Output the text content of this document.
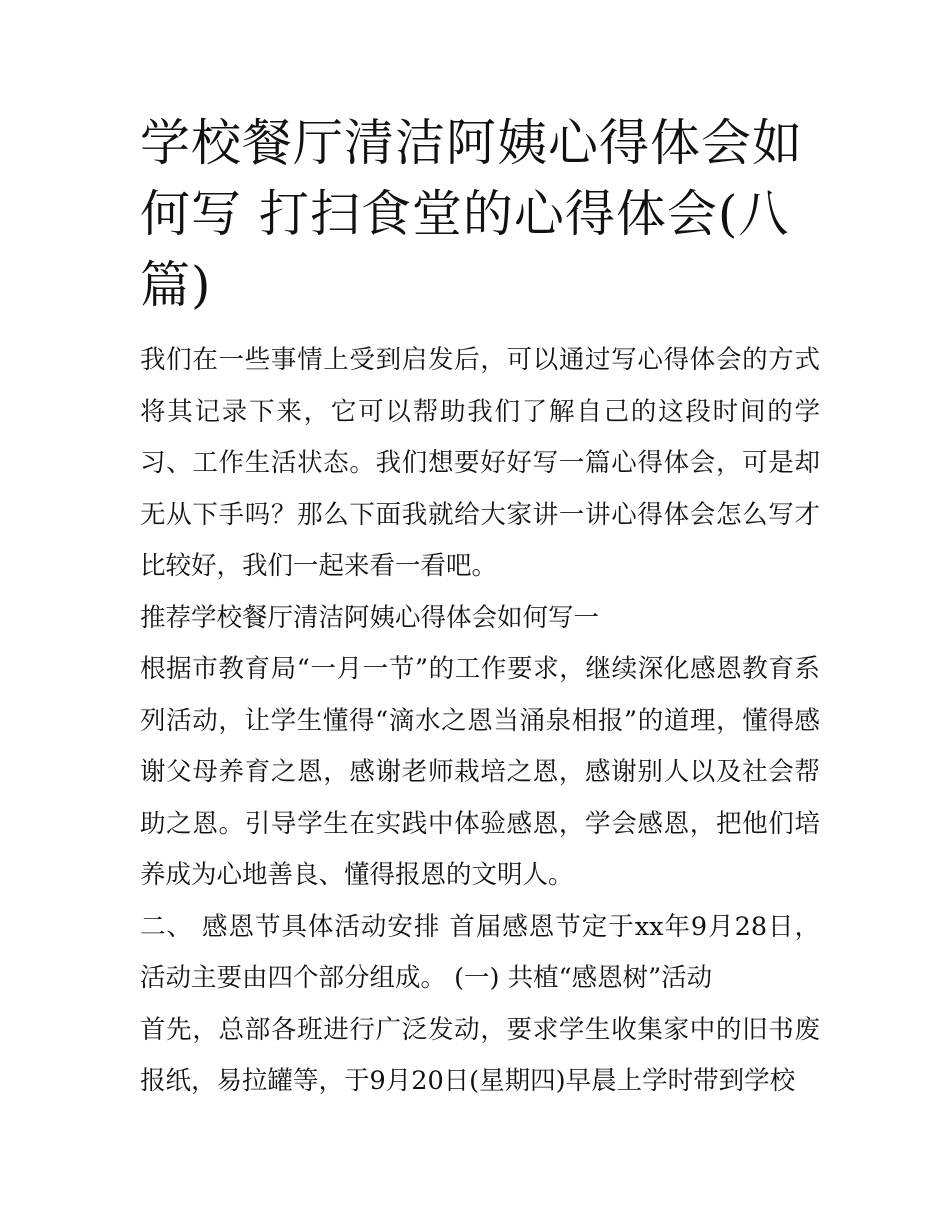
学校餐厅清洁阿姨心得体会如何写 打扫食堂的心得体会(八篇)

我们在一些事情上受到启发后，可以通过写心得体会的方式将其记录下来，它可以帮助我们了解自己的这段时间的学习、工作生活状态。我们想要好好写一篇心得体会，可是却无从下手吗？那么下面我就给大家讲一讲心得体会怎么写才比较好，我们一起来看一看吧。

推荐学校餐厅清洁阿姨心得体会如何写一

根据市教育局“一月一节”的工作要求，继续深化感恩教育系列活动，让学生懂得“滴水之恩当涌泉相报”的道理，懂得感谢父母养育之恩，感谢老师栽培之恩，感谢别人以及社会帮助之恩。引导学生在实践中体验感恩，学会感恩，把他们培养成为心地善良、懂得报恩的文明人。

二、 感恩节具体活动安排 首届感恩节定于xx年9月28日，活动主要由四个部分组成。 (一) 共植“感恩树”活动

首先，总部各班进行广泛发动，要求学生收集家中的旧书废报纸，易拉罐等，于9月20日(星期四)早晨上学时带到学校
